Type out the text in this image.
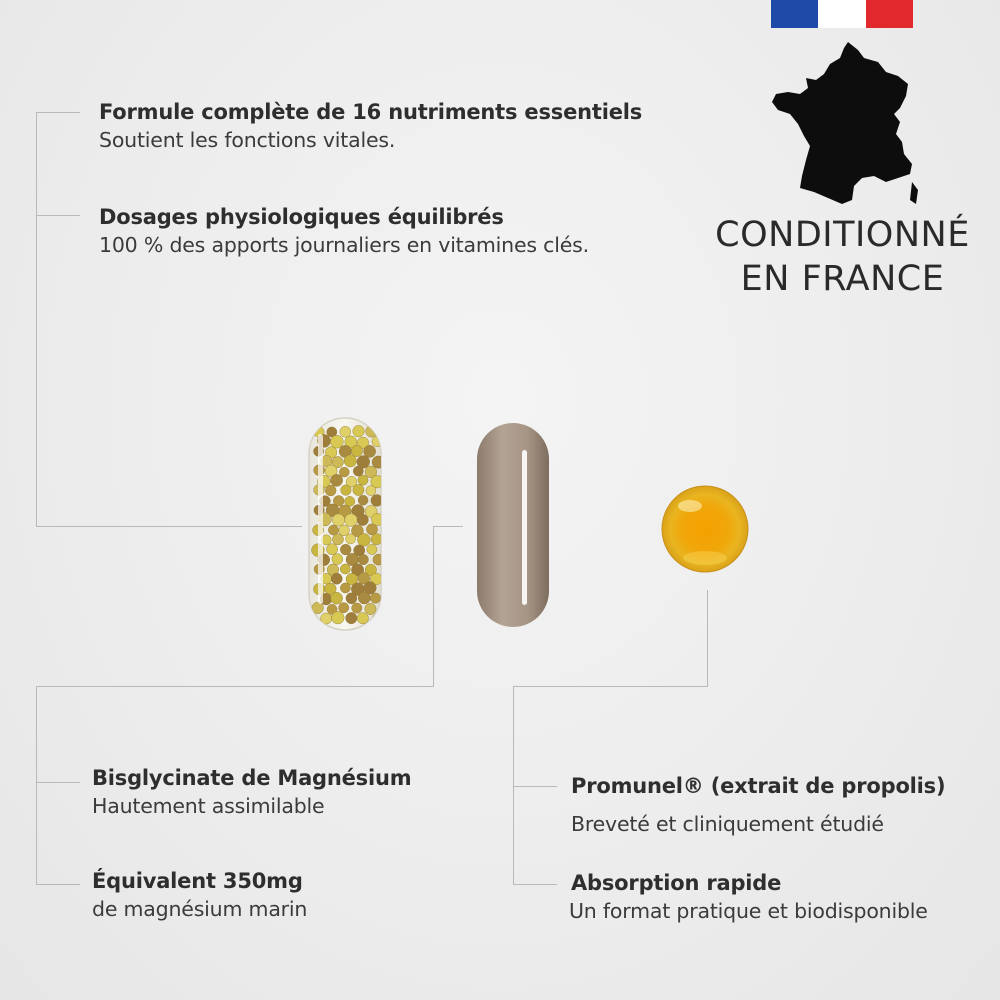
Formule complète de 16 nutriments essentiels
Soutient les fonctions vitales.
Dosages physiologiques équilibrés
100 % des apports journaliers en vitamines clés.
Bisglycinate de Magnésium
Hautement assimilable
Équivalent 350mg
de magnésium marin
Promunel® (extrait de propolis)
Breveté et cliniquement étudié
Absorption rapide
Un format pratique et biodisponible
CONDITIONNÉ
EN FRANCE
